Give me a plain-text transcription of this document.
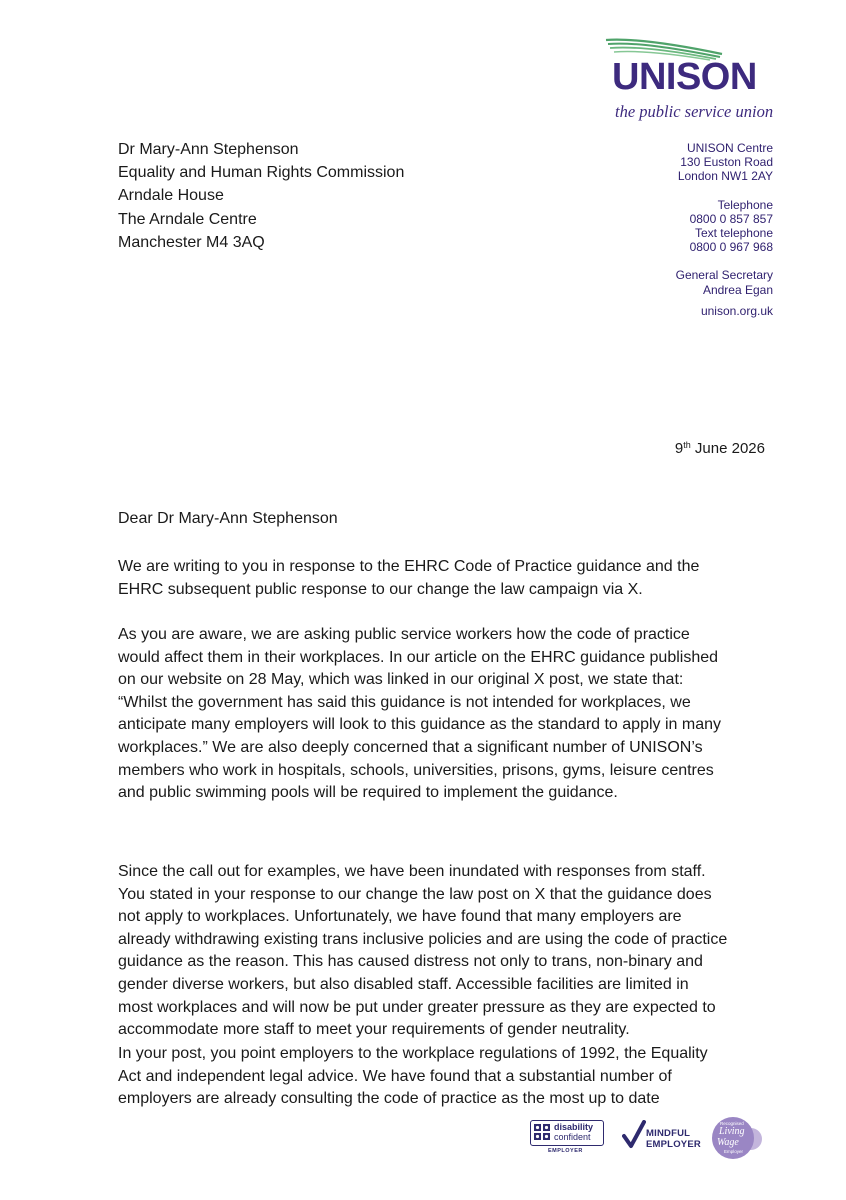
UNISON
the public service union
Dr Mary-Ann Stephenson
Equality and Human Rights Commission
Arndale House
The Arndale Centre
Manchester M4 3AQ
UNISON Centre
130 Euston Road
London NW1 2AY
Telephone
0800 0 857 857
Text telephone
0800 0 967 968
General Secretary
Andrea Egan
unison.org.uk
9th June 2026
Dear Dr Mary-Ann Stephenson
We are writing to you in response to the EHRC Code of Practice guidance and the
EHRC subsequent public response to our change the law campaign via X.
As you are aware, we are asking public service workers how the code of practice
would affect them in their workplaces. In our article on the EHRC guidance published
on our website on 28 May, which was linked in our original X post, we state that:
“Whilst the government has said this guidance is not intended for workplaces, we
anticipate many employers will look to this guidance as the standard to apply in many
workplaces.” We are also deeply concerned that a significant number of UNISON’s
members who work in hospitals, schools, universities, prisons, gyms, leisure centres
and public swimming pools will be required to implement the guidance.
Since the call out for examples, we have been inundated with responses from staff.
You stated in your response to our change the law post on X that the guidance does
not apply to workplaces. Unfortunately, we have found that many employers are
already withdrawing existing trans inclusive policies and are using the code of practice
guidance as the reason. This has caused distress not only to trans, non-binary and
gender diverse workers, but also disabled staff. Accessible facilities are limited in
most workplaces and will now be put under greater pressure as they are expected to
accommodate more staff to meet your requirements of gender neutrality.
In your post, you point employers to the workplace regulations of 1992, the Equality
Act and independent legal advice. We have found that a substantial number of
employers are already consulting the code of practice as the most up to date
disability
confident
EMPLOYER
MINDFUL
EMPLOYER
Recognised
Living
Wage
Employer
